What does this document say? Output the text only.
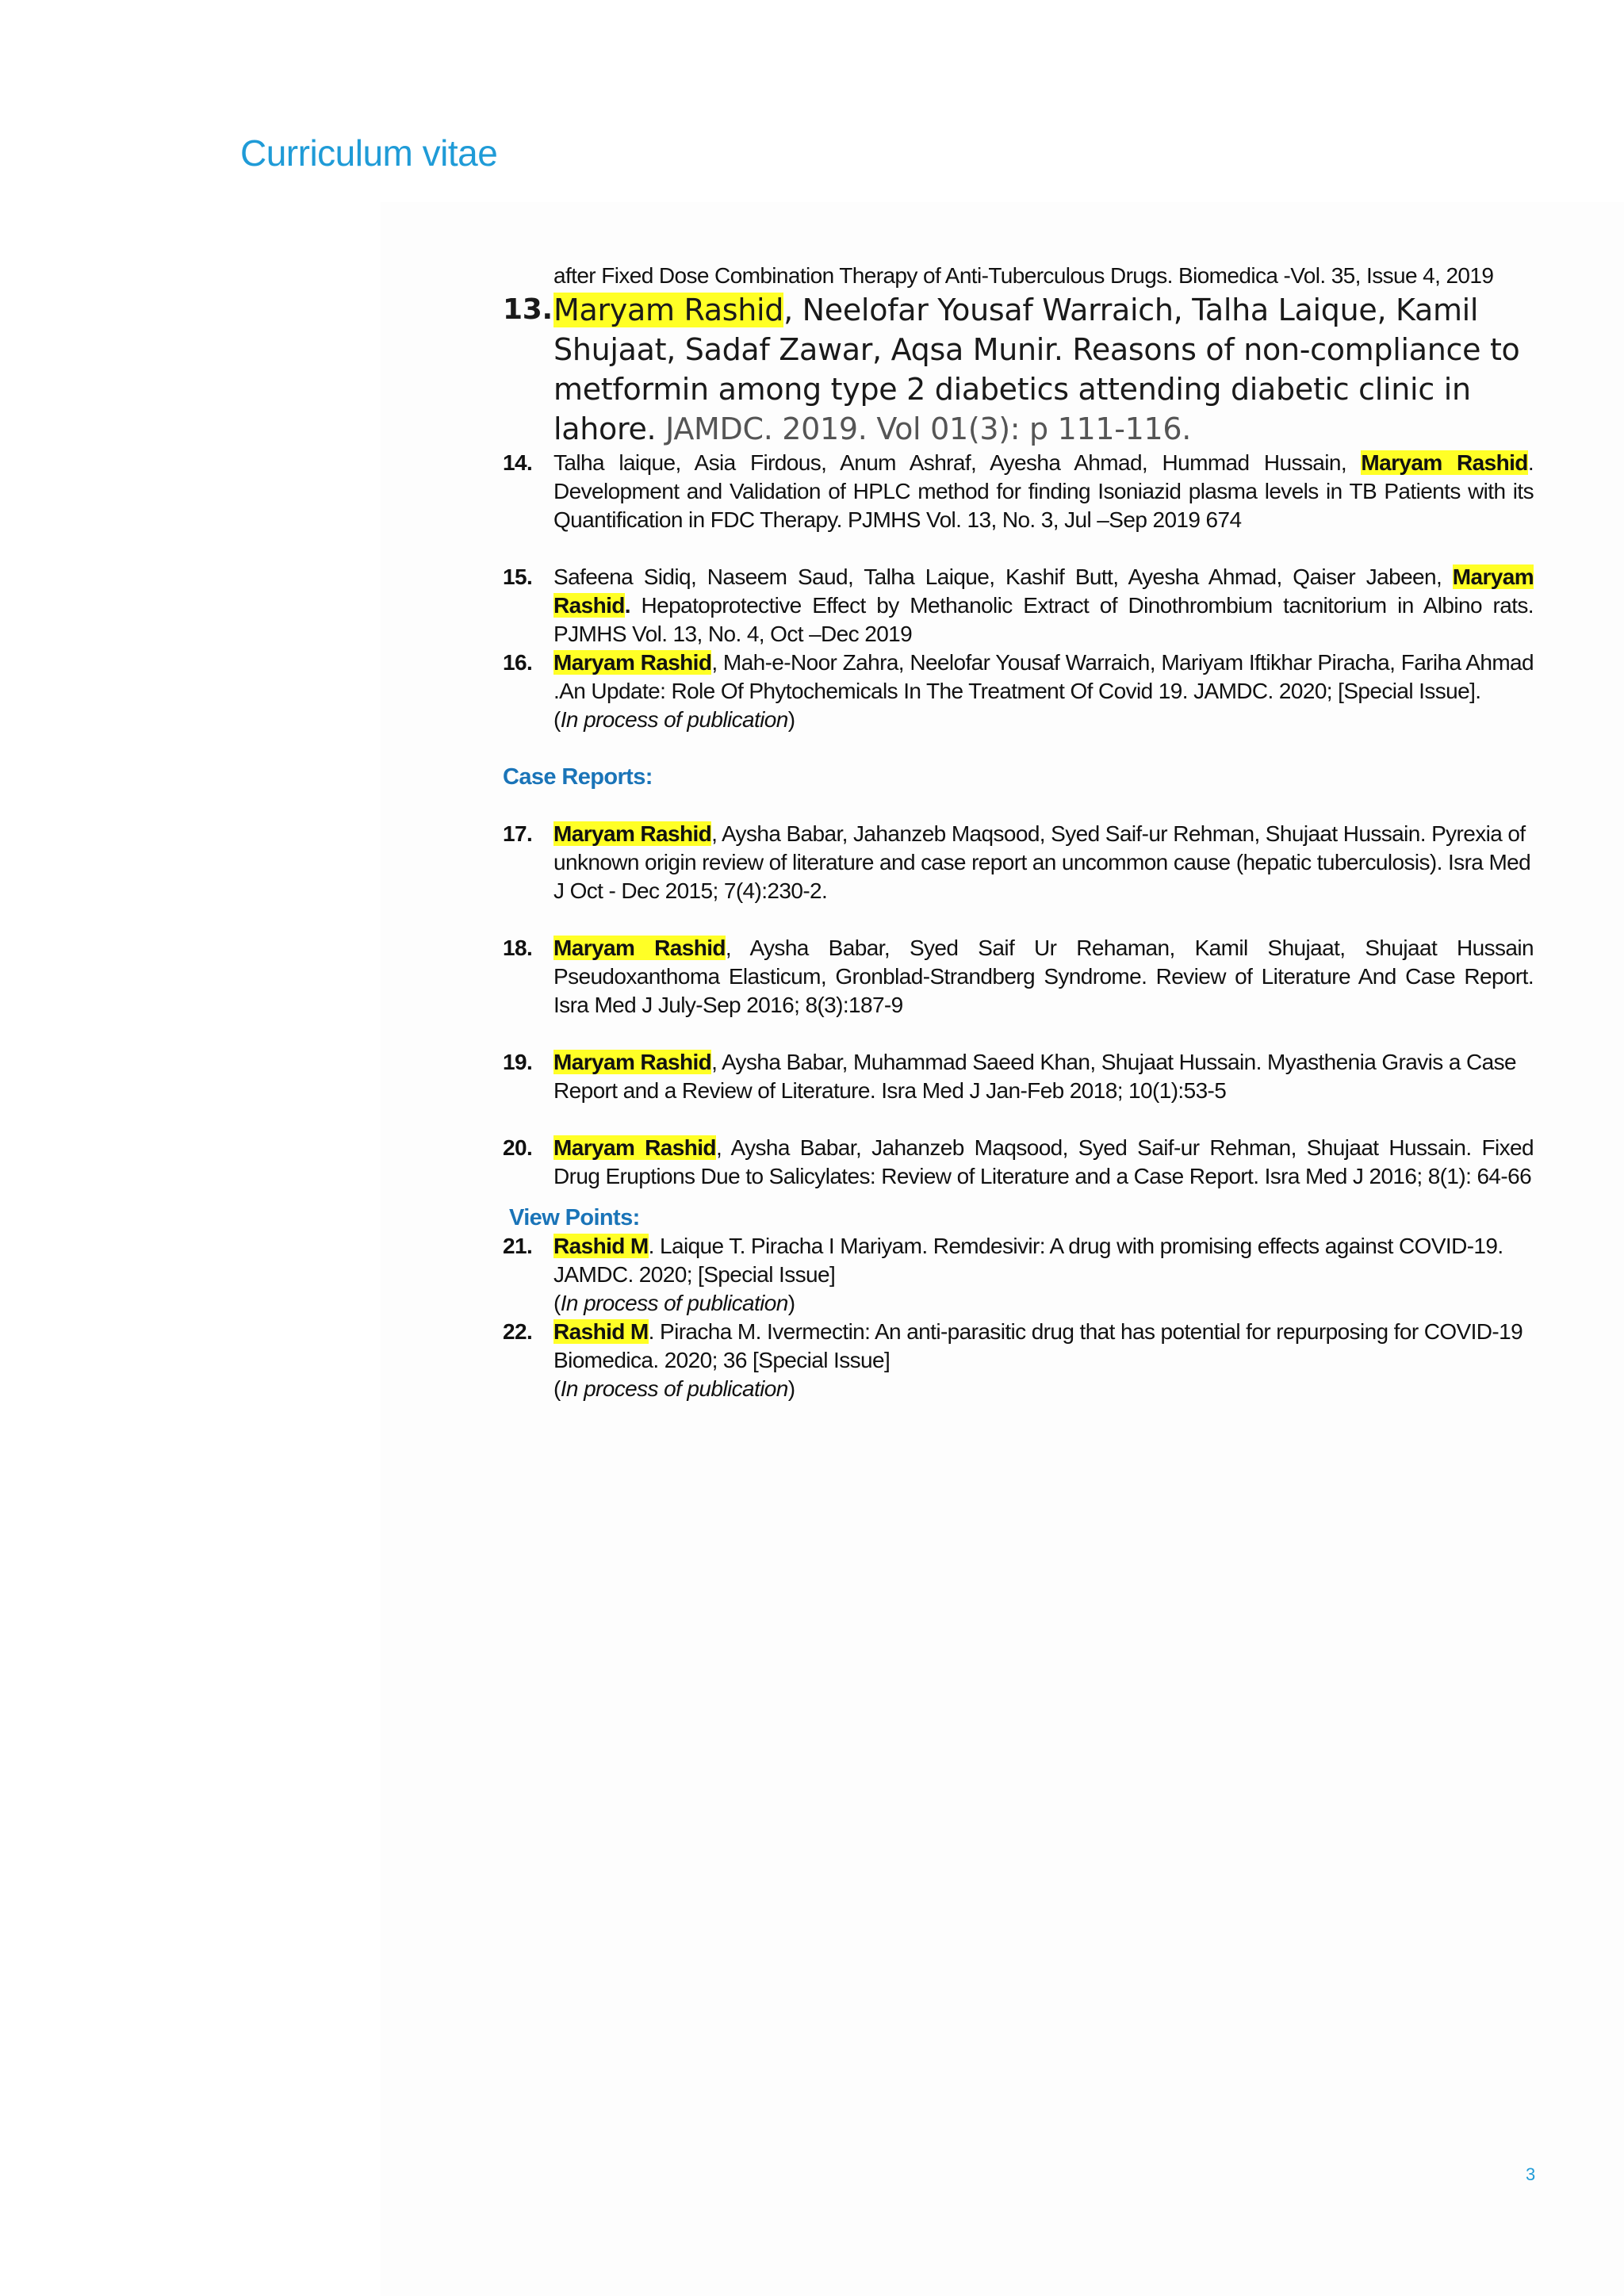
Curriculum vitae
after Fixed Dose Combination Therapy of Anti-Tuberculous Drugs. Biomedica -Vol. 35, Issue 4, 2019
13. Maryam Rashid, Neelofar Yousaf Warraich, Talha Laique, Kamil Shujaat, Sadaf Zawar, Aqsa Munir. Reasons of non-compliance to metformin among type 2 diabetics attending diabetic clinic in lahore. JAMDC. 2019. Vol 01(3): p 111-116.
14. Talha laique, Asia Firdous, Anum Ashraf, Ayesha Ahmad, Hummad Hussain, Maryam Rashid. Development and Validation of HPLC method for finding Isoniazid plasma levels in TB Patients with its Quantification in FDC Therapy. PJMHS Vol. 13, No. 3, Jul –Sep 2019 674
15. Safeena Sidiq, Naseem Saud, Talha Laique, Kashif Butt, Ayesha Ahmad, Qaiser Jabeen, Maryam Rashid. Hepatoprotective Effect by Methanolic Extract of Dinothrombium tacnitorium in Albino rats. PJMHS Vol. 13, No. 4, Oct –Dec 2019
16. Maryam Rashid, Mah-e-Noor Zahra, Neelofar Yousaf Warraich, Mariyam Iftikhar Piracha, Fariha Ahmad .An Update: Role Of Phytochemicals In The Treatment Of Covid 19. JAMDC. 2020; [Special Issue].
(In process of publication)
Case Reports:
17. Maryam Rashid, Aysha Babar, Jahanzeb Maqsood, Syed Saif-ur Rehman, Shujaat Hussain. Pyrexia of unknown origin review of literature and case report an uncommon cause (hepatic tuberculosis). Isra Med J Oct - Dec 2015; 7(4):230-2.
18. Maryam Rashid, Aysha Babar, Syed Saif Ur Rehaman, Kamil Shujaat, Shujaat Hussain Pseudoxanthoma Elasticum, Gronblad-Strandberg Syndrome. Review of Literature And Case Report. Isra Med J July-Sep 2016; 8(3):187-9
19. Maryam Rashid, Aysha Babar, Muhammad Saeed Khan, Shujaat Hussain. Myasthenia Gravis a Case Report and a Review of Literature. Isra Med J Jan-Feb 2018; 10(1):53-5
20. Maryam Rashid, Aysha Babar, Jahanzeb Maqsood, Syed Saif-ur Rehman, Shujaat Hussain. Fixed Drug Eruptions Due to Salicylates: Review of Literature and a Case Report. Isra Med J 2016; 8(1): 64-66
View Points:
21. Rashid M. Laique T. Piracha I Mariyam. Remdesivir: A drug with promising effects against COVID-19. JAMDC. 2020; [Special Issue]
(In process of publication)
22. Rashid M. Piracha M. Ivermectin: An anti-parasitic drug that has potential for repurposing for COVID-19 Biomedica. 2020; 36 [Special Issue]
(In process of publication)
3
